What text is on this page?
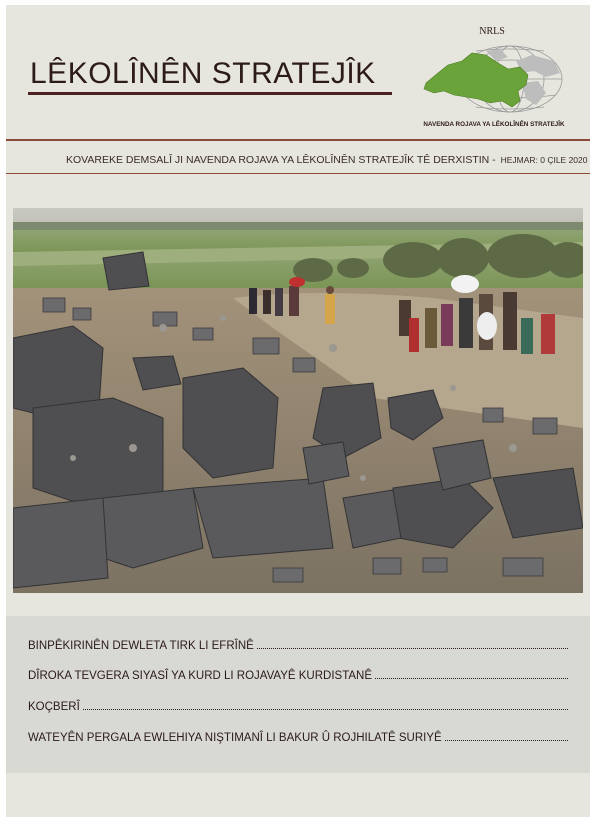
LÊKOLÎNÊN STRATEJÎK
NRLS
NAVENDA ROJAVA YA LÊKOLÎNÊN STRATEJÎK
KOVAREKE DEMSALÎ JI NAVENDA ROJAVA YA LÊKOLÎNÊN STRATEJÎK TÊ DERXISTIN - HEJMAR: 0 ÇILE 2020
BINPÊKIRINÊN DEWLETA TIRK LI EFRÎNÊ
DÎROKA TEVGERA SIYASÎ YA KURD LI ROJAVAYÊ KURDISTANÊ
KOÇBERÎ
WATEYÊN PERGALA EWLEHIYA NIŞTIMANÎ LI BAKUR Û ROJHILATÊ SURIYÊ
